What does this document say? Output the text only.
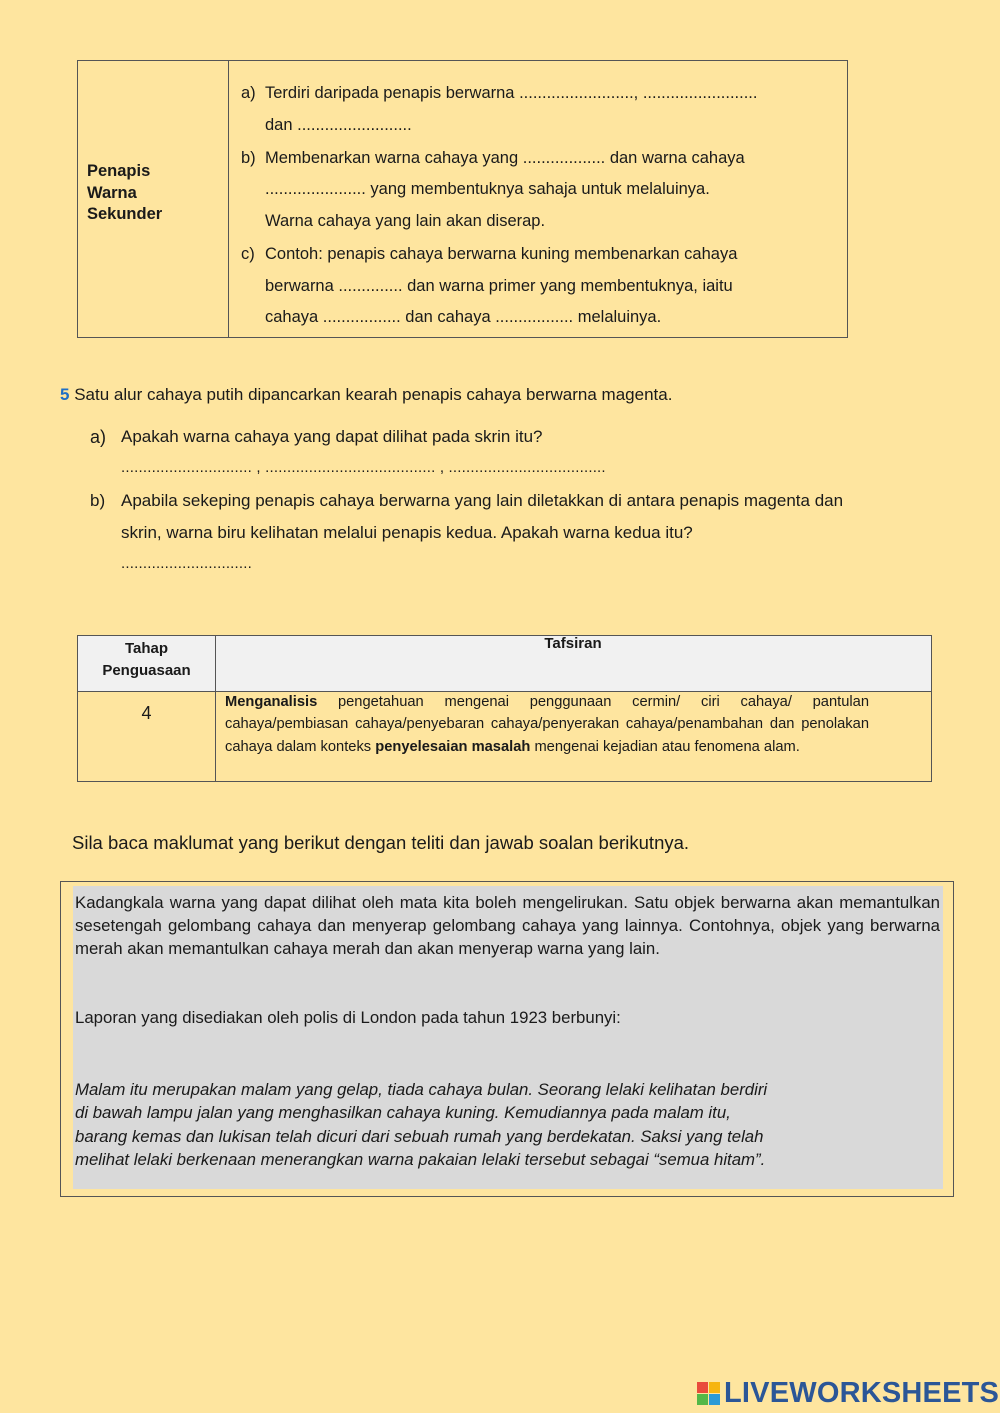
Penapis
Warna
Sekunder
a) Terdiri daripada penapis berwarna ........................., .........................
dan .........................
b) Membenarkan warna cahaya yang .................. dan warna cahaya
...................... yang membentuknya sahaja untuk melaluinya.
Warna cahaya yang lain akan diserap.
c) Contoh: penapis cahaya berwarna kuning membenarkan cahaya
berwarna .............. dan warna primer yang membentuknya, iaitu
cahaya ................. dan cahaya ................. melaluinya.
5 Satu alur cahaya putih dipancarkan kearah penapis cahaya berwarna magenta.
a) Apakah warna cahaya yang dapat dilihat pada skrin itu?
.............................. , ....................................... , ....................................
b) Apabila sekeping penapis cahaya berwarna yang lain diletakkan di antara penapis magenta dan
skrin, warna biru kelihatan melalui penapis kedua. Apakah warna kedua itu?
..............................
Tahap
Penguasaan
Tafsiran
4
Menganalisis pengetahuan mengenai penggunaan cermin/ ciri cahaya/ pantulan cahaya/pembiasan cahaya/penyebaran cahaya/penyerakan cahaya/penambahan dan penolakan cahaya dalam konteks penyelesaian masalah mengenai kejadian atau fenomena alam.
Sila baca maklumat yang berikut dengan teliti dan jawab soalan berikutnya.
Kadangkala warna yang dapat dilihat oleh mata kita boleh mengelirukan. Satu objek berwarna akan memantulkan sesetengah gelombang cahaya dan menyerap gelombang cahaya yang lainnya. Contohnya, objek yang berwarna merah akan memantulkan cahaya merah dan akan menyerap warna yang lain.
Laporan yang disediakan oleh polis di London pada tahun 1923 berbunyi:
Malam itu merupakan malam yang gelap, tiada cahaya bulan. Seorang lelaki kelihatan berdiri
di bawah lampu jalan yang menghasilkan cahaya kuning. Kemudiannya pada malam itu,
barang kemas dan lukisan telah dicuri dari sebuah rumah yang berdekatan. Saksi yang telah
melihat lelaki berkenaan menerangkan warna pakaian lelaki tersebut sebagai “semua hitam”.
LIVEWORKSHEETS
